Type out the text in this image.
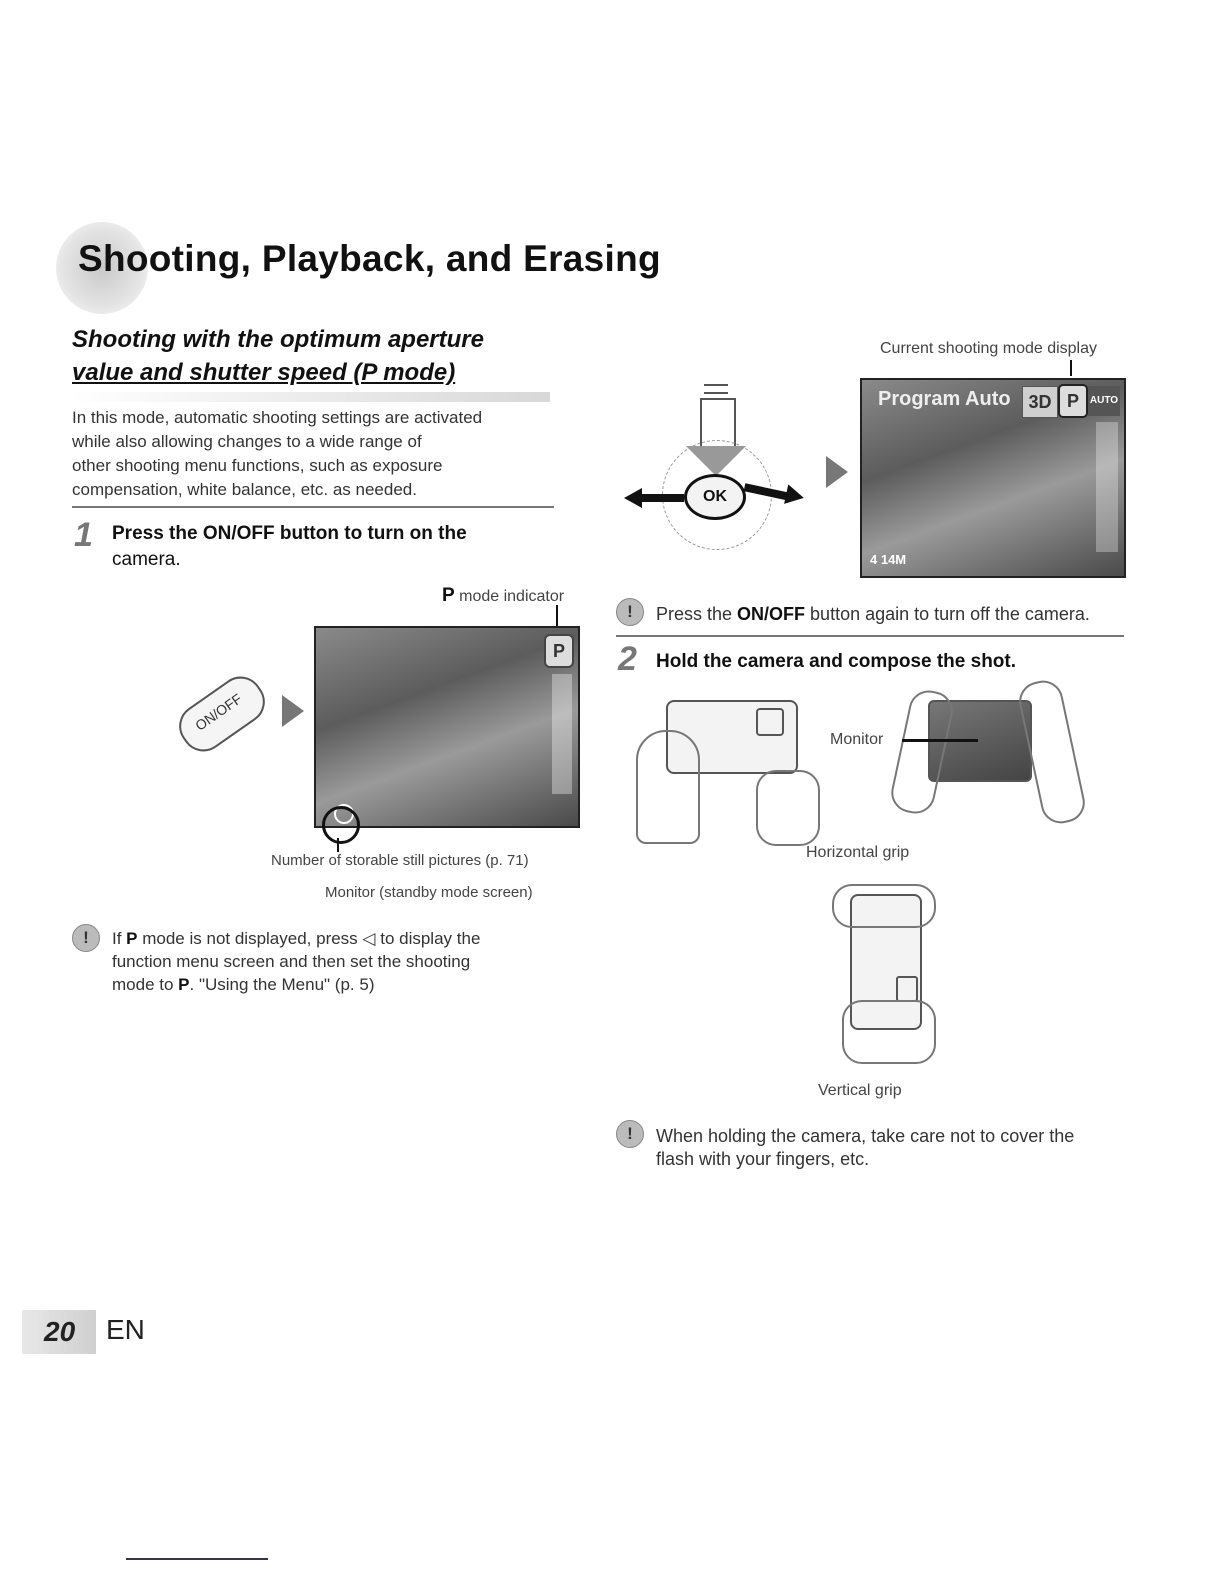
Shooting, Playback, and Erasing
Shooting with the optimum aperture
value and shutter speed (P mode)

In this mode, automatic shooting settings are activated

while also allowing changes to a wide range of

other shooting menu functions, such as exposure

compensation, white balance, etc. as needed.

1 Press the ON/OFF button to turn on the
camera.
P mode indicator
ON/OFF
P
Number of storable still pictures (p. 71)
Monitor (standby mode screen)
!	If P mode is not displayed, press ◁ to display the
function menu screen and then set the shooting
mode to P. "Using the Menu" (p. 5)
Current shooting mode display
OK
Program Auto 3D P	AUTO
4 14M
!	Press the ON/OFF button again to turn off the camera.
2 Hold the camera and compose the shot.
Monitor
Horizontal grip
Vertical grip
!	When holding the camera, take care not to cover the
flash with your fingers, etc.
20 EN
